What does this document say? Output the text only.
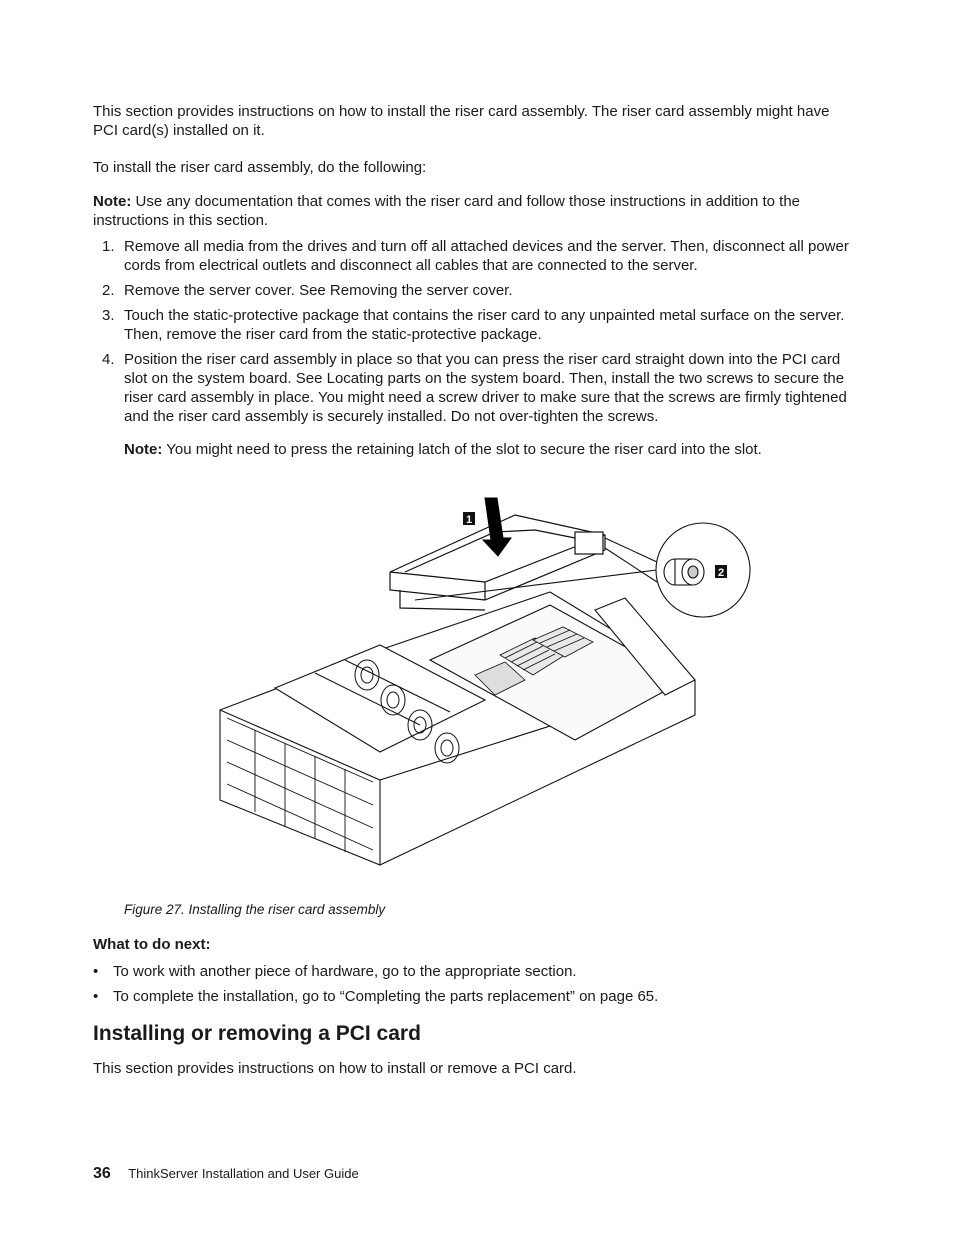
This section provides instructions on how to install the riser card assembly. The riser card assembly might have PCI card(s) installed on it.
To install the riser card assembly, do the following:
Note: Use any documentation that comes with the riser card and follow those instructions in addition to the instructions in this section.
1. Remove all media from the drives and turn off all attached devices and the server. Then, disconnect all power cords from electrical outlets and disconnect all cables that are connected to the server.
2. Remove the server cover. See Removing the server cover.
3. Touch the static-protective package that contains the riser card to any unpainted metal surface on the server. Then, remove the riser card from the static-protective package.
4. Position the riser card assembly in place so that you can press the riser card straight down into the PCI card slot on the system board. See Locating parts on the system board. Then, install the two screws to secure the riser card assembly in place. You might need a screw driver to make sure that the screws are firmly tightened and the riser card assembly is securely installed. Do not over-tighten the screws.
Note: You might need to press the retaining latch of the slot to secure the riser card into the slot.
1
2
Figure 27. Installing the riser card assembly
What to do next:
• To work with another piece of hardware, go to the appropriate section.
• To complete the installation, go to “Completing the parts replacement” on page 65.
Installing or removing a PCI card
This section provides instructions on how to install or remove a PCI card.
36 ThinkServer Installation and User Guide
